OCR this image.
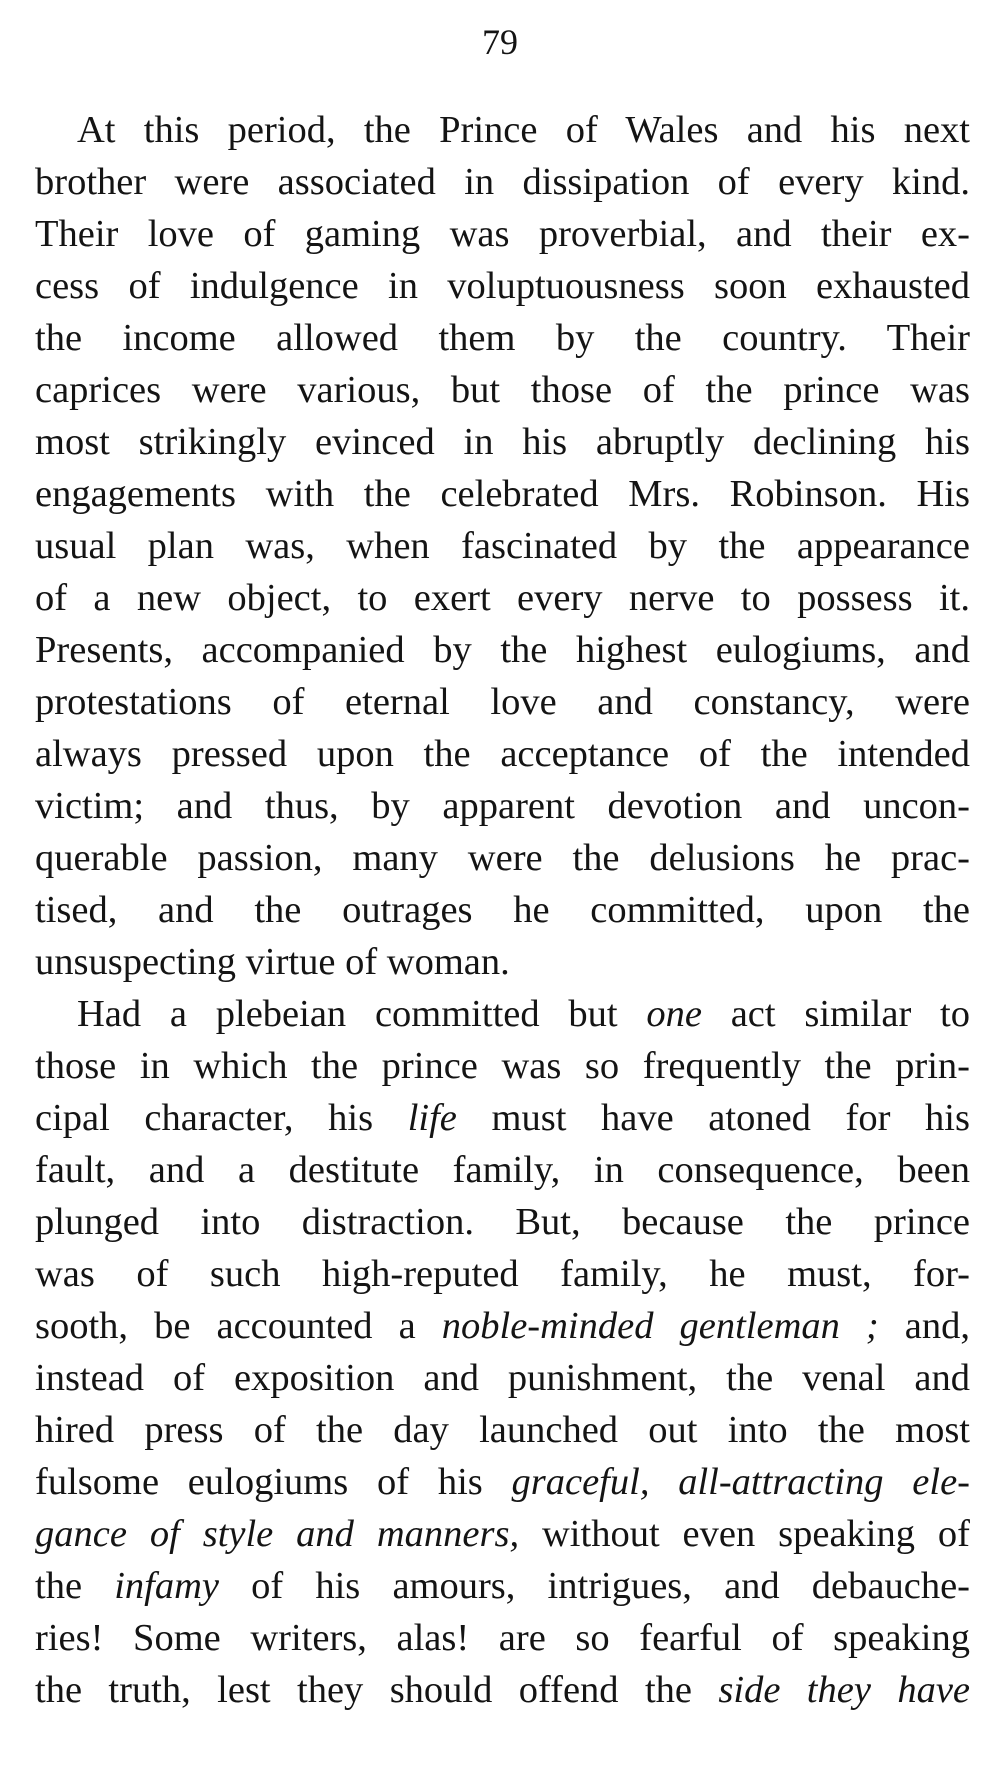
79
At this period, the Prince of Wales and his next
brother were associated in dissipation of every kind.
Their love of gaming was proverbial, and their ex-
cess of indulgence in voluptuousness soon exhausted
the income allowed them by the country. Their
caprices were various, but those of the prince was
most strikingly evinced in his abruptly declining his
engagements with the celebrated Mrs. Robinson. His
usual plan was, when fascinated by the appearance
of a new object, to exert every nerve to possess it.
Presents, accompanied by the highest eulogiums, and
protestations of eternal love and constancy, were
always pressed upon the acceptance of the intended
victim; and thus, by apparent devotion and uncon-
querable passion, many were the delusions he prac-
tised, and the outrages he committed, upon the
unsuspecting virtue of woman.
Had a plebeian committed but one act similar to
those in which the prince was so frequently the prin-
cipal character, his life must have atoned for his
fault, and a destitute family, in consequence, been
plunged into distraction. But, because the prince
was of such high-reputed family, he must, for-
sooth, be accounted a noble-minded gentleman ; and,
instead of exposition and punishment, the venal and
hired press of the day launched out into the most
fulsome eulogiums of his graceful, all-attracting ele-
gance of style and manners, without even speaking of
the infamy of his amours, intrigues, and debauche-
ries! Some writers, alas! are so fearful of speaking
the truth, lest they should offend the side they have
